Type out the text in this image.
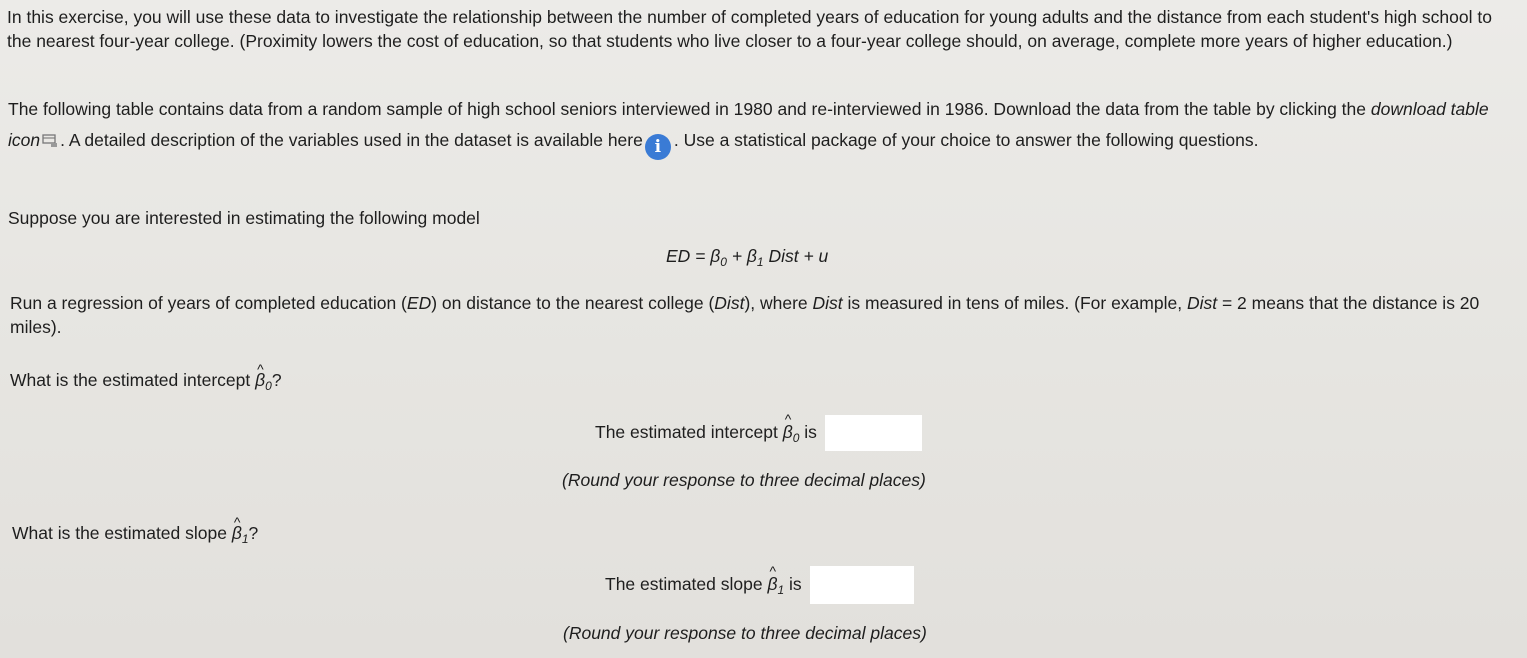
In this exercise, you will use these data to investigate the relationship between the number of completed years of education for young adults and the distance from each student's high school to the nearest four-year college. (Proximity lowers the cost of education, so that students who live closer to a four-year college should, on average, complete more years of higher education.)

The following table contains data from a random sample of high school seniors interviewed in 1980 and re-interviewed in 1986. Download the data from the table by clicking the download table icon . A detailed description of the variables used in the dataset is available here i . Use a statistical package of your choice to answer the following questions.

Suppose you are interested in estimating the following model

ED = $\beta_0 + \beta_1$ Dist + u

Run a regression of years of completed education (ED) on distance to the nearest college (Dist), where Dist is measured in tens of miles. (For example, Dist = 2 means that the distance is 20 miles).

What is the estimated intercept ^ $\beta_0$?

The estimated intercept ^ $\beta_0$ is
(Round your response to three decimal places)

What is the estimated slope ^ $\beta_1$?

The estimated slope ^ $\beta_1$ is
(Round your response to three decimal places)
